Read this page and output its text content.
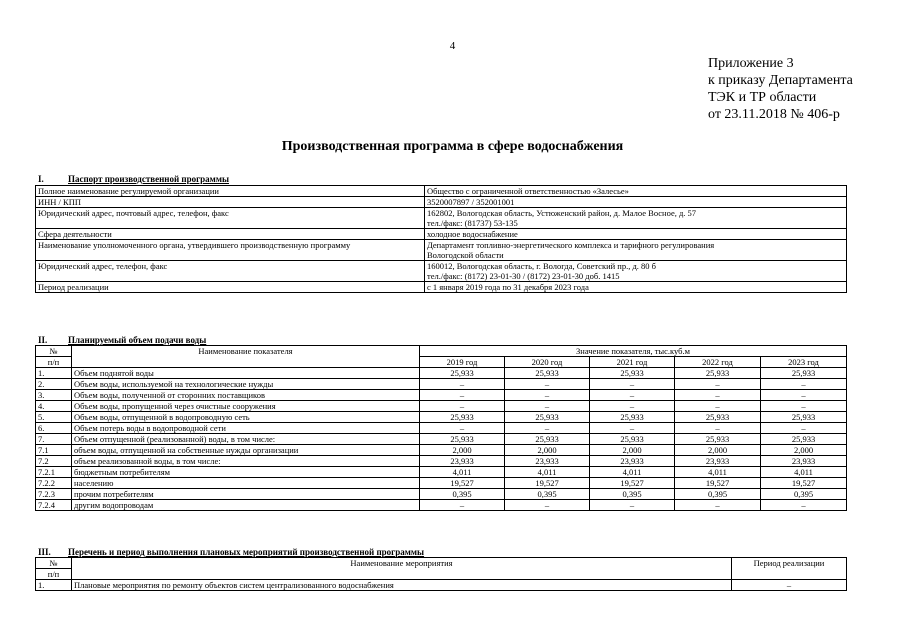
4
Приложение 3
к приказу Департамента
ТЭК и ТР области
от 23.11.2018 № 406-р
Производственная программа в сфере водоснабжения
I.	Паспорт производственной программы
Полное наименование регулируемой организации	Общество с ограниченной ответственностью «Залесье»

ИНН / КПП	3520007897 / 352001001

Юридический адрес, почтовый адрес, телефон, факс	162802, Вологодская область, Устюженский район, д. Малое Восное, д. 57
тел./факс: (81737) 53-135

Сфера деятельности	холодное водоснабжение

Наименование уполномоченного органа, утвердившего производственную программу	Департамент топливно-энергетического комплекса и тарифного регулирования
Вологодской области

Юридический адрес, телефон, факс	160012, Вологодская область, г. Вологда, Советский пр., д. 80 б
тел./факс: (8172) 23-01-30 / (8172) 23-01-30 доб. 1415

Период реализации	с 1 января 2019 года по 31 декабря 2023 года
II. Планируемый объем подачи воды
№	Наименование показателя	Значение показателя, тыс.куб.м				
п/п		2019 год	2020 год	2021 год	2022 год	2023 год
1.	Объем поднятой воды	25,933	25,933	25,933	25,933	25,933
2.	Объем воды, используемой на технологические нужды	–	–	–	–	–
3.	Объем воды, полученной от сторонних поставщиков	–	–	–	–	–
4.	Объем воды, пропущенной через очистные сооружения	–	–	–	–	–
5.	Объем воды, отпущенной в водопроводную сеть	25,933	25,933	25,933	25,933	25,933
6.	Объем потерь воды в водопроводной сети	–	–	–	–	–
7.	Объем отпущенной (реализованной) воды, в том числе:	25,933	25,933	25,933	25,933	25,933
7.1	объем воды, отпущенной на собственные нужды организации	2,000	2,000	2,000	2,000	2,000
7.2	объем реализованной воды, в том числе:	23,933	23,933	23,933	23,933	23,933
7.2.1	бюджетным потребителям	4,011	4,011	4,011	4,011	4,011
7.2.2	населению	19,527	19,527	19,527	19,527	19,527
7.2.3	прочим потребителям	0,395	0,395	0,395	0,395	0,395
7.2.4	другим водопроводам	–	–	–	–	–
III. Перечень и период выполнения плановых мероприятий производственной программы
№	Наименование мероприятия	Период реализации
п/п		
1.	Плановые мероприятия по ремонту объектов систем централизованного водоснабжения	–
